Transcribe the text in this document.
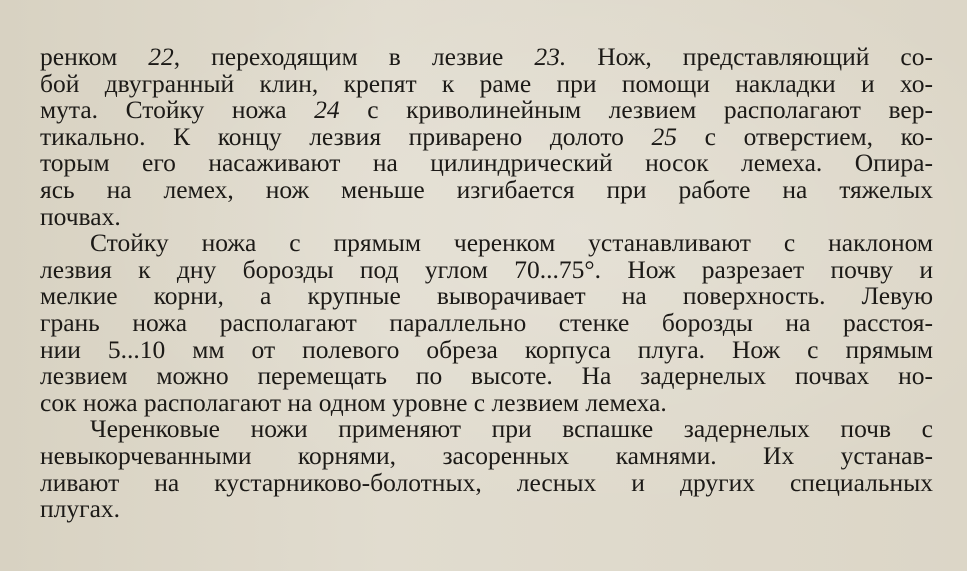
ренком 22, переходящим в лезвие 23. Нож, представляющий со-
бой двугранный клин, крепят к раме при помощи накладки и хо-
мута. Стойку ножа 24 с криволинейным лезвием располагают вер-
тикально. К концу лезвия приварено долото 25 с отверстием, ко-
торым его насаживают на цилиндрический носок лемеха. Опира-
ясь на лемех, нож меньше изгибается при работе на тяжелых
почвах.
Стойку ножа с прямым черенком устанавливают с наклоном
лезвия к дну борозды под углом 70...75°. Нож разрезает почву и
мелкие корни, а крупные выворачивает на поверхность. Левую
грань ножа располагают параллельно стенке борозды на расстоя-
нии 5...10 мм от полевого обреза корпуса плуга. Нож с прямым
лезвием можно перемещать по высоте. На задернелых почвах но-
сок ножа располагают на одном уровне с лезвием лемеха.
Черенковые ножи применяют при вспашке задернелых почв с
невыкорчеванными корнями, засоренных камнями. Их устанав-
ливают на кустарниково-болотных, лесных и других специальных
плугах.
